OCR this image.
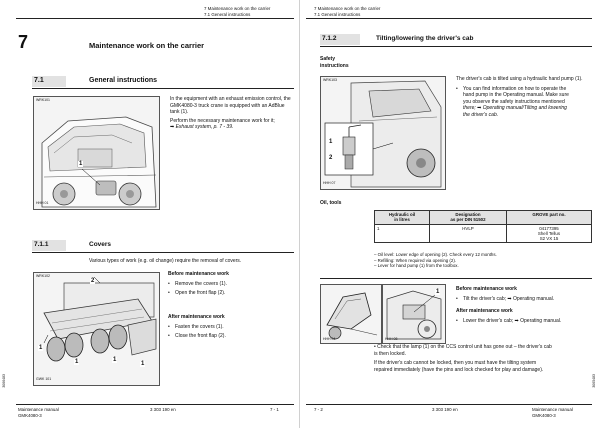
7 Maintenance work on the carrier
7.1 General instructions
7	Maintenance work on the carrier
7.1	General instructions
WRK101
1
HHH 01
In the equipment with an exhaust emission control, the GMK4080-3 truck crane is equipped with an AdBlue tank (1).
Perform the necessary maintenance work for it;
➡ Exhaust system, p. 7 - 39.
7.1.1	Covers
Various types of work (e.g. oil change) require the removal of covers.
WRK102
2
1
1	1
1
GWK 101
Before maintenance work
• Remove the covers (1).
• Open the front flap (2).
After maintenance work
• Fasten the covers (1).
• Close the front flap (2).
3066483
Maintenance manual
GMK4080-3
3 303 190 en	7 - 1
7 Maintenance work on the carrier
7.1 General instructions
7.1.2	Tilting/lowering the driver's cab
Safety
instructions
WRK103
1
2
HHH 07
The driver's cab is tilted using a hydraulic hand pump (1).
• You can find information on how to operate the
hand pump in the Operating manual. Make sure
you observe the safety instructions mentioned
there; ➡ Operating manual/Tilting and lowering
the driver's cab.
Oil, tools
Hydraulic oil
in litres	Designation
as per DIN 51502	GROVE part no.

1	HVLP	04177395
Shell Tellus
S2 VX 15
– Oil level: Lower edge of opening (2). Check every 12 months.
– Refilling: When required via opening (2).
– Lever for hand pump (1) from the toolbox.
HHH 04
1
HHH 08
Before maintenance work
• Tilt the driver's cab; ➡ Operating manual.
After maintenance work
• Lower the driver's cab; ➡ Operating manual.
• Check that the lamp (1) on the CCS control unit has gone out – the driver's cab
is then locked.
If the driver's cab cannot be locked, then you must have the tilting system
repaired immediately (have the pins and lock checked for play and damage).
3065483
7 - 2	3 303 190 en	Maintenance manual
GMK4080-3
